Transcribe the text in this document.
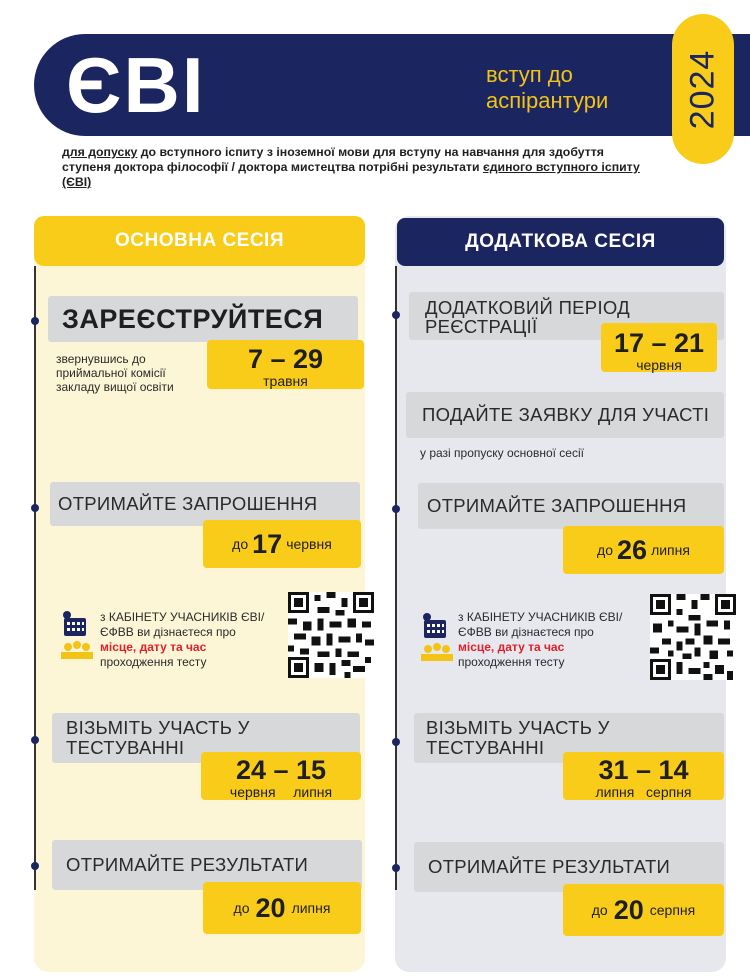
ЄВІ	вступ до
аспірантури	2024
для допуску до вступного іспиту з іноземної мови для вступу на навчання для здобуття ступеня доктора філософії / доктора мистецтва потрібні результати єдиного вступного іспиту (ЄВІ)
ОСНОВНА СЕСІЯ	ДОДАТКОВА СЕСІЯ
ЗАРЕЄСТРУЙТЕСЯ
звернувшись до
приймальної комісії
закладу вищої освіти
7 – 29
травня
ОТРИМАЙТЕ ЗАПРОШЕННЯ
до 17 червня
з КАБІНЕТУ УЧАСНИКІВ ЄВІ/
ЄФВВ ви дізнаєтеся про
місце, дату та час
проходження тесту
ВІЗЬМІТЬ УЧАСТЬ У
ТЕСТУВАННІ
24 – 15
червня липня
ОТРИМАЙТЕ РЕЗУЛЬТАТИ
до 20 липня
ДОДАТКОВИЙ ПЕРІОД
РЕЄСТРАЦІЇ
17 – 21
червня
ПОДАЙТЕ ЗАЯВКУ ДЛЯ УЧАСТІ
у разі пропуску основної сесії
ОТРИМАЙТЕ ЗАПРОШЕННЯ
до 26 липня
з КАБІНЕТУ УЧАСНИКІВ ЄВІ/
ЄФВВ ви дізнаєтеся про
місце, дату та час
проходження тесту
ВІЗЬМІТЬ УЧАСТЬ У
ТЕСТУВАННІ
31 – 14
липня серпня
ОТРИМАЙТЕ РЕЗУЛЬТАТИ
до 20 серпня
